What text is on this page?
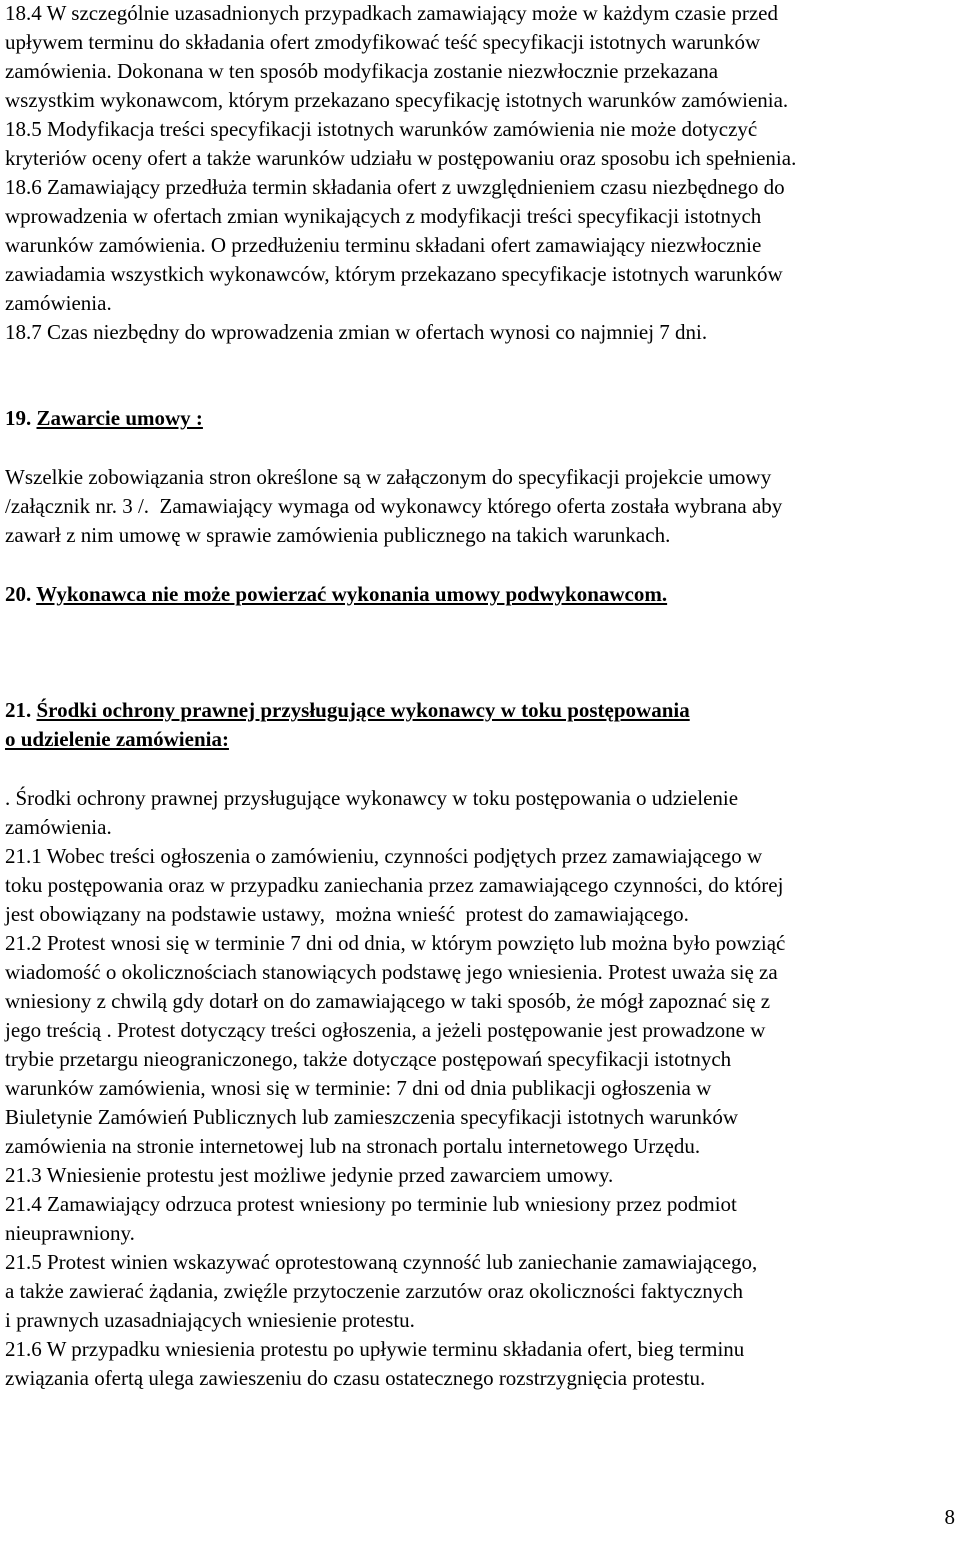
18.4 W szczególnie uzasadnionych przypadkach zamawiający może w każdym czasie przed
upływem terminu do składania ofert zmodyfikować teść specyfikacji istotnych warunków
zamówienia. Dokonana w ten sposób modyfikacja zostanie niezwłocznie przekazana
wszystkim wykonawcom, którym przekazano specyfikację istotnych warunków zamówienia.
18.5 Modyfikacja treści specyfikacji istotnych warunków zamówienia nie może dotyczyć
kryteriów oceny ofert a także warunków udziału w postępowaniu oraz sposobu ich spełnienia.
18.6 Zamawiający przedłuża termin składania ofert z uwzględnieniem czasu niezbędnego do
wprowadzenia w ofertach zmian wynikających z modyfikacji treści specyfikacji istotnych
warunków zamówienia. O przedłużeniu terminu składani ofert zamawiający niezwłocznie
zawiadamia wszystkich wykonawców, którym przekazano specyfikacje istotnych warunków
zamówienia.
18.7 Czas niezbędny do wprowadzenia zmian w ofertach wynosi co najmniej 7 dni.
19. Zawarcie umowy :
Wszelkie zobowiązania stron określone są w załączonym do specyfikacji projekcie umowy
/załącznik nr. 3 /.  Zamawiający wymaga od wykonawcy którego oferta została wybrana aby
zawarł z nim umowę w sprawie zamówienia publicznego na takich warunkach.
20. Wykonawca nie może powierzać wykonania umowy podwykonawcom.
21. Środki ochrony prawnej przysługujące wykonawcy w toku postępowania
o udzielenie zamówienia:
. Środki ochrony prawnej przysługujące wykonawcy w toku postępowania o udzielenie
zamówienia.
21.1 Wobec treści ogłoszenia o zamówieniu, czynności podjętych przez zamawiającego w
toku postępowania oraz w przypadku zaniechania przez zamawiającego czynności, do której
jest obowiązany na podstawie ustawy,  można wnieść  protest do zamawiającego.
21.2 Protest wnosi się w terminie 7 dni od dnia, w którym powzięto lub można było powziąć
wiadomość o okolicznościach stanowiących podstawę jego wniesienia. Protest uważa się za
wniesiony z chwilą gdy dotarł on do zamawiającego w taki sposób, że mógł zapoznać się z
jego treścią . Protest dotyczący treści ogłoszenia, a jeżeli postępowanie jest prowadzone w
trybie przetargu nieograniczonego, także dotyczące postępowań specyfikacji istotnych
warunków zamówienia, wnosi się w terminie: 7 dni od dnia publikacji ogłoszenia w
Biuletynie Zamówień Publicznych lub zamieszczenia specyfikacji istotnych warunków
zamówienia na stronie internetowej lub na stronach portalu internetowego Urzędu.
21.3 Wniesienie protestu jest możliwe jedynie przed zawarciem umowy.
21.4 Zamawiający odrzuca protest wniesiony po terminie lub wniesiony przez podmiot
nieuprawniony.
21.5 Protest winien wskazywać oprotestowaną czynność lub zaniechanie zamawiającego,
a także zawierać żądania, zwięźle przytoczenie zarzutów oraz okoliczności faktycznych
i prawnych uzasadniających wniesienie protestu.
21.6 W przypadku wniesienia protestu po upływie terminu składania ofert, bieg terminu
związania ofertą ulega zawieszeniu do czasu ostatecznego rozstrzygnięcia protestu.
8
